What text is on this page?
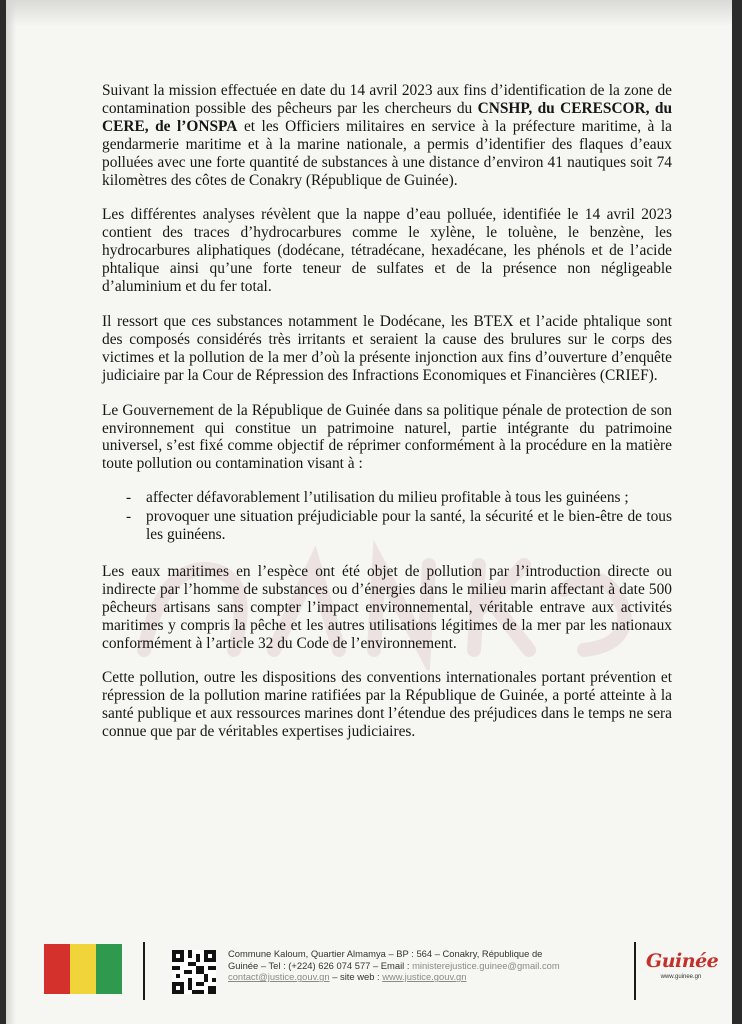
Suivant la mission effectuée en date du 14 avril 2023 aux fins d’identification de la zone de contamination possible des pêcheurs par les chercheurs du CNSHP, du CERESCOR, du CERE, de l’ONSPA et les Officiers militaires en service à la préfecture maritime, à la gendarmerie maritime et à la marine nationale, a permis d’identifier des flaques d’eaux polluées avec une forte quantité de substances à une distance d’environ 41 nautiques soit 74 kilomètres des côtes de Conakry (République de Guinée).

Les différentes analyses révèlent que la nappe d’eau polluée, identifiée le 14 avril 2023 contient des traces d’hydrocarbures comme le xylène, le toluène, le benzène, les hydrocarbures aliphatiques (dodécane, tétradécane, hexadécane, les phénols et de l’acide phtalique ainsi qu’une forte teneur de sulfates et de la présence non négligeable d’aluminium et du fer total.

Il ressort que ces substances notamment le Dodécane, les BTEX et l’acide phtalique sont des composés considérés très irritants et seraient la cause des brulures sur le corps des victimes et la pollution de la mer d’où la présente injonction aux fins d’ouverture d’enquête judiciaire par la Cour de Répression des Infractions Economiques et Financières (CRIEF).

Le Gouvernement de la République de Guinée dans sa politique pénale de protection de son environnement qui constitue un patrimoine naturel, partie intégrante du patrimoine universel, s’est fixé comme objectif de réprimer conformément à la procédure en la matière toute pollution ou contamination visant à :

- affecter défavorablement l’utilisation du milieu profitable à tous les guinéens ;
- provoquer une situation préjudiciable pour la santé, la sécurité et le bien-être de tous les guinéens.

Les eaux maritimes en l’espèce ont été objet de pollution par l’introduction directe ou indirecte par l’homme de substances ou d’énergies dans le milieu marin affectant à date 500 pêcheurs artisans sans compter l’impact environnemental, véritable entrave aux activités maritimes y compris la pêche et les autres utilisations légitimes de la mer par les nationaux conformément à l’article 32 du Code de l’environnement.

Cette pollution, outre les dispositions des conventions internationales portant prévention et répression de la pollution marine ratifiées par la République de Guinée, a porté atteinte à la santé publique et aux ressources marines dont l’étendue des préjudices dans le temps ne sera connue que par de véritables expertises judiciaires.

Commune Kaloum, Quartier Almamya – BP : 564 – Conakry, République de
Guinée – Tel : (+224) 626 074 577 – Email : ministerejustice.guinee@gmail.com
contact@justice.gouv.gn – site web : www.justice.gouv.gn
Guinée
www.guinee.gn
